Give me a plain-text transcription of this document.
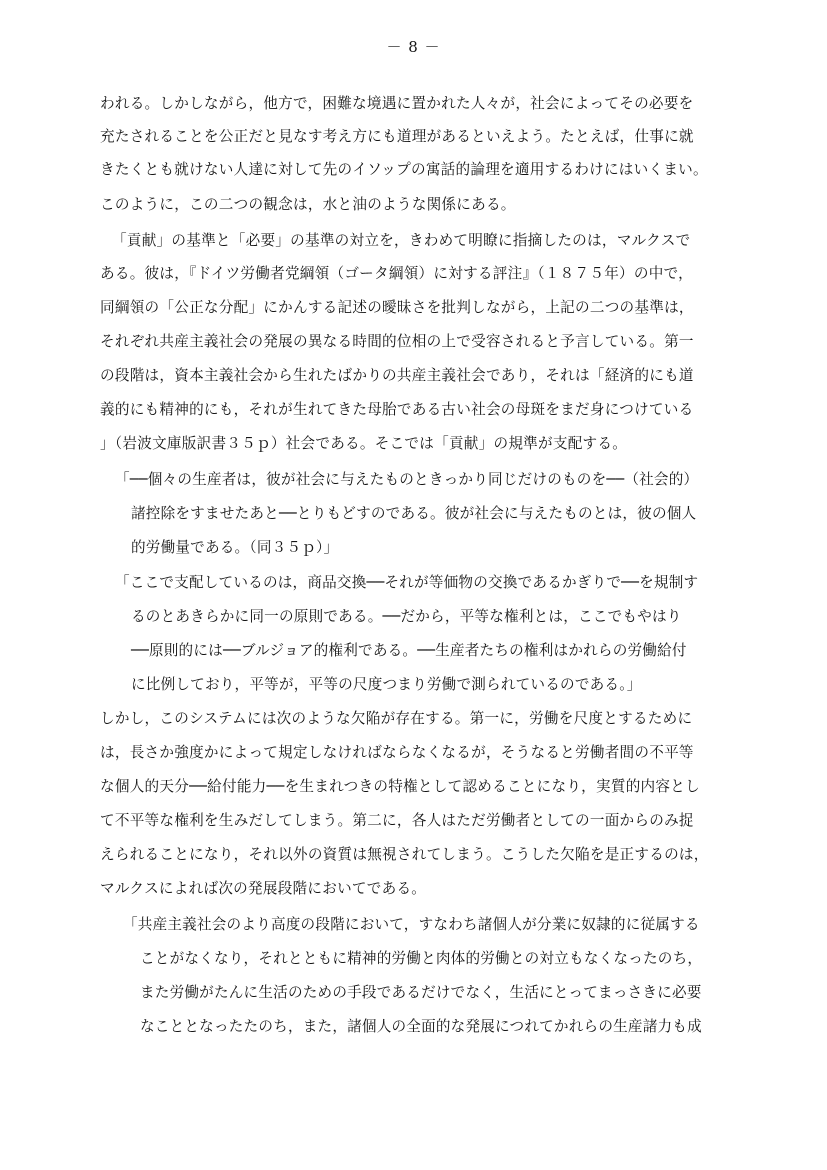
－ 8 －
われる。しかしながら，他方で，困難な境遇に置かれた人々が，社会によってその必要を
充たされることを公正だと見なす考え方にも道理があるといえよう。たとえば，仕事に就
きたくとも就けない人達に対して先のイソップの寓話的論理を適用するわけにはいくまい。
このように，この二つの観念は，水と油のような関係にある。
「貢献」の基準と「必要」の基準の対立を，きわめて明瞭に指摘したのは，マルクスで
ある。彼は，『ドイツ労働者党綱領（ゴータ綱領）に対する評注』（１８７５年）の中で，
同綱領の「公正な分配」にかんする記述の曖昧さを批判しながら，上記の二つの基準は，
それぞれ共産主義社会の発展の異なる時間的位相の上で受容されると予言している。第一
の段階は，資本主義社会から生れたばかりの共産主義社会であり，それは「経済的にも道
義的にも精神的にも，それが生れてきた母胎である古い社会の母斑をまだ身につけている
」（岩波文庫版訳書３５ｐ）社会である。そこでは「貢献」の規準が支配する。
「──個々の生産者は，彼が社会に与えたものときっかり同じだけのものを──（社会的）
諸控除をすませたあと──とりもどすのである。彼が社会に与えたものとは，彼の個人
的労働量である。（同３５ｐ）」
「ここで支配しているのは，商品交換──それが等価物の交換であるかぎりで──を規制す
るのとあきらかに同一の原則である。──だから，平等な権利とは，ここでもやはり
──原則的には──ブルジョア的権利である。──生産者たちの権利はかれらの労働給付
に比例しており，平等が，平等の尺度つまり労働で測られているのである。」
しかし，このシステムには次のような欠陥が存在する。第一に，労働を尺度とするために
は，長さか強度かによって規定しなければならなくなるが，そうなると労働者間の不平等
な個人的天分──給付能力──を生まれつきの特権として認めることになり，実質的内容とし
て不平等な権利を生みだしてしまう。第二に，各人はただ労働者としての一面からのみ捉
えられることになり，それ以外の資質は無視されてしまう。こうした欠陥を是正するのは，
マルクスによれば次の発展段階においてである。
「共産主義社会のより高度の段階において，すなわち諸個人が分業に奴隷的に従属する
ことがなくなり，それとともに精神的労働と肉体的労働との対立もなくなったのち，
また労働がたんに生活のための手段であるだけでなく，生活にとってまっさきに必要
なこととなったたのち，また，諸個人の全面的な発展につれてかれらの生産諸力も成
